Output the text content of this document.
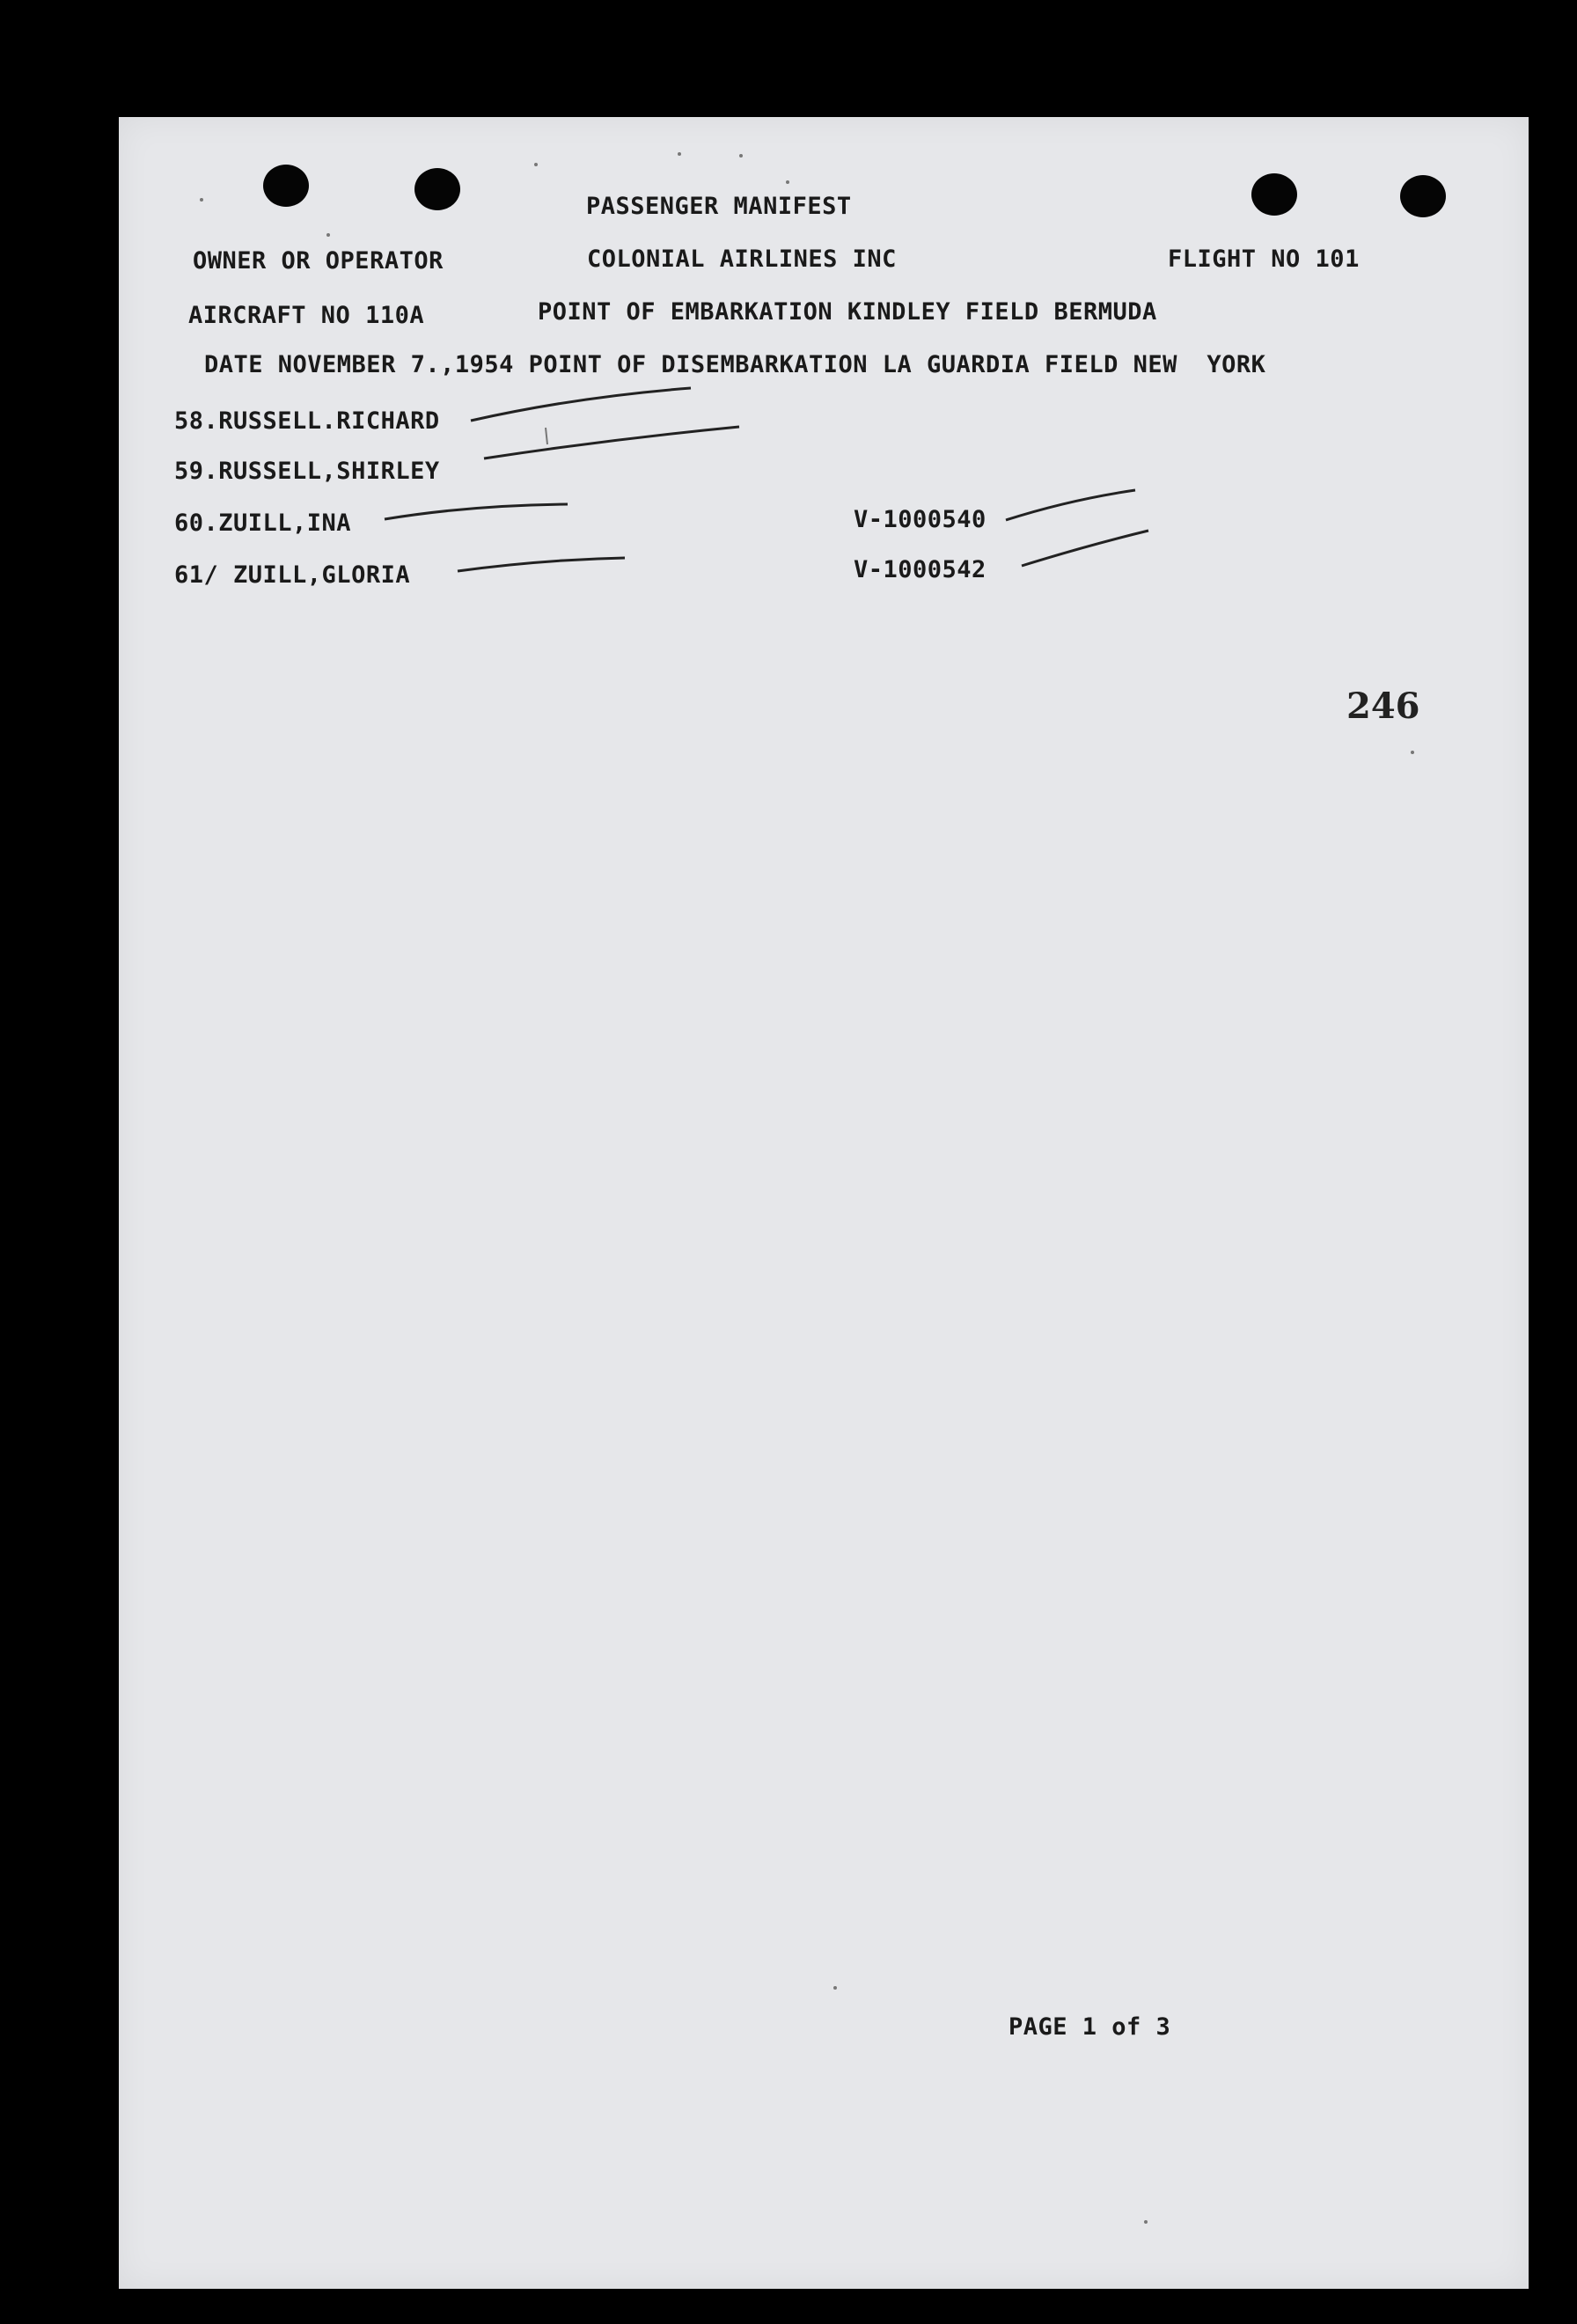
PASSENGER MANIFEST
OWNER OR OPERATOR	COLONIAL AIRLINES INC	FLIGHT NO 101
AIRCRAFT NO 110A	POINT OF EMBARKATION KINDLEY FIELD BERMUDA
DATE NOVEMBER 7.,1954 POINT OF DISEMBARKATION LA GUARDIA FIELD NEW  YORK
58.RUSSELL.RICHARD
59.RUSSELL,SHIRLEY
60.ZUILL,INA	V-1000540
61/ ZUILL,GLORIA	V-1000542
246
PAGE 1 of 3
